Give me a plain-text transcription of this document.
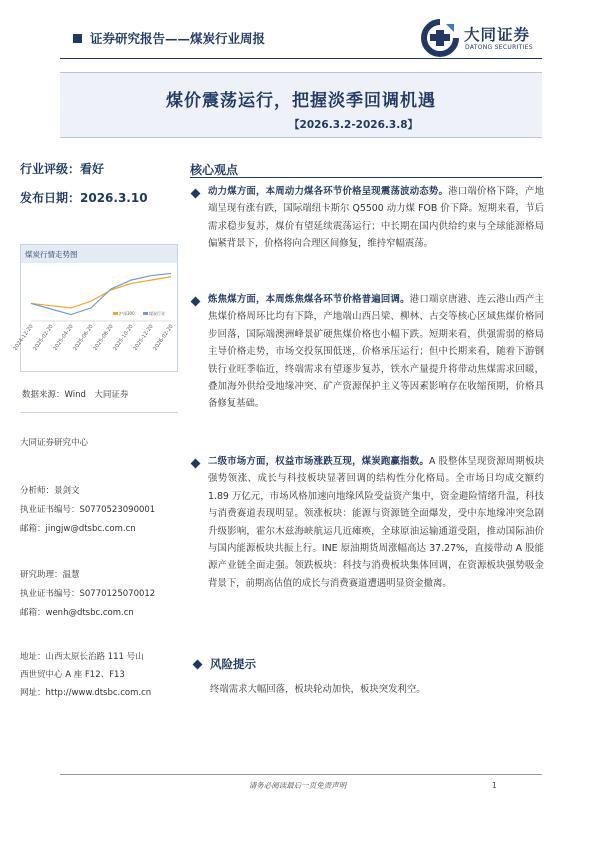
证券研究报告——煤炭行业周报	大同证券
DATONG SECURITIES
煤价震荡运行，把握淡季回调机遇
【2026.3.2-2026.3.8】
行业评级：看好
发布日期：2026.3.10
煤炭行情走势图
沪深300	煤炭行业
2024-12-20
2025-02-20
2025-04-20
2025-06-20
2025-08-20
2025-10-20
2025-12-20
2026-02-20
数据来源：Wind　大同证券
大同证券研究中心
分析师：景剑文
执业证书编号：S0770523090001
邮箱：jingjw@dtsbc.com.cn
研究助理：温慧
执业证书编号：S0770125070012
邮箱：wenh@dtsbc.com.cn
地址：山西太原长治路 111 号山
西世贸中心 A 座 F12、F13
网址：http://www.dtsbc.com.cn
核心观点
动力煤方面，本周动力煤各环节价格呈现震荡波动态势。港口端价格下降，产地端呈现有涨有跌，国际端纽卡斯尔 Q5500 动力煤 FOB 价下降。短期来看，节后需求稳步复苏，煤价有望延续震荡运行；中长期在国内供给约束与全球能源格局偏紧背景下，价格将向合理区间修复，维持窄幅震荡。
炼焦煤方面，本周炼焦煤各环节价格普遍回调。港口端京唐港、连云港山西产主焦煤价格周环比均有下降，产地端山西吕梁、柳林、古交等核心区域焦煤价格同步回落，国际端澳洲峰景矿硬焦煤价格也小幅下跌。短期来看，供强需弱的格局主导价格走势，市场交投氛围低迷，价格承压运行；但中长期来看，随着下游钢铁行业旺季临近，终端需求有望逐步复苏，铁水产量提升将带动焦煤需求回暖，叠加海外供给受地缘冲突、矿产资源保护主义等因素影响存在收缩预期，价格具备修复基础。
二级市场方面，权益市场涨跌互现，煤炭跑赢指数。A 股整体呈现资源周期板块强势领涨、成长与科技板块显著回调的结构性分化格局。全市场日均成交额约 1.89 万亿元，市场风格加速向地缘风险受益资产集中，资金避险情绪升温，科技与消费赛道表现明显。领涨板块：能源与资源链全面爆发，受中东地缘冲突急剧升级影响，霍尔木兹海峡航运几近瘫痪，全球原油运输通道受阻，推动国际油价与国内能源板块共振上行。INE 原油期货周涨幅高达 37.27%，直接带动 A 股能源产业链全面走强。领跌板块：科技与消费板块集体回调，在资源板块强势吸金背景下，前期高估值的成长与消费赛道遭遇明显资金撤离。
风险提示
终端需求大幅回落，板块轮动加快，板块突发利空。
请务必阅读最后一页免责声明	1
